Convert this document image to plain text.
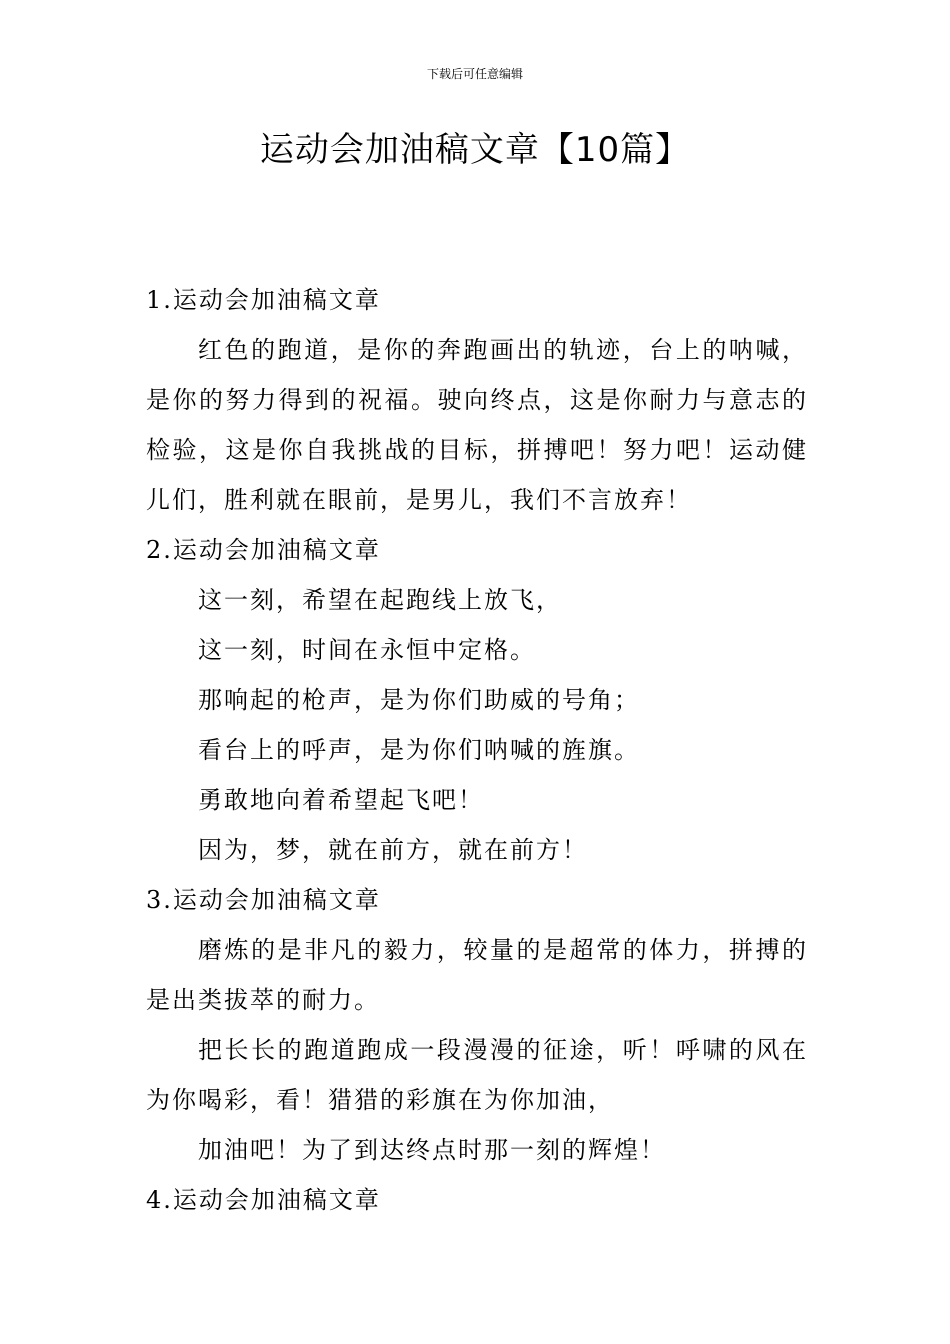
下载后可任意编辑
运动会加油稿文章【10篇】

1.运动会加油稿文章

红色的跑道，是你的奔跑画出的轨迹，台上的呐喊，是你的努力得到的祝福。驶向终点，这是你耐力与意志的检验，这是你自我挑战的目标，拼搏吧！努力吧！运动健儿们，胜利就在眼前，是男儿，我们不言放弃！

2.运动会加油稿文章

这一刻，希望在起跑线上放飞，

这一刻，时间在永恒中定格。

那响起的枪声，是为你们助威的号角；

看台上的呼声，是为你们呐喊的旌旗。

勇敢地向着希望起飞吧！

因为，梦，就在前方，就在前方！

3.运动会加油稿文章

磨炼的是非凡的毅力，较量的是超常的体力，拼搏的是出类拔萃的耐力。

把长长的跑道跑成一段漫漫的征途，听！呼啸的风在为你喝彩，看！猎猎的彩旗在为你加油，

加油吧！为了到达终点时那一刻的辉煌！

4.运动会加油稿文章
